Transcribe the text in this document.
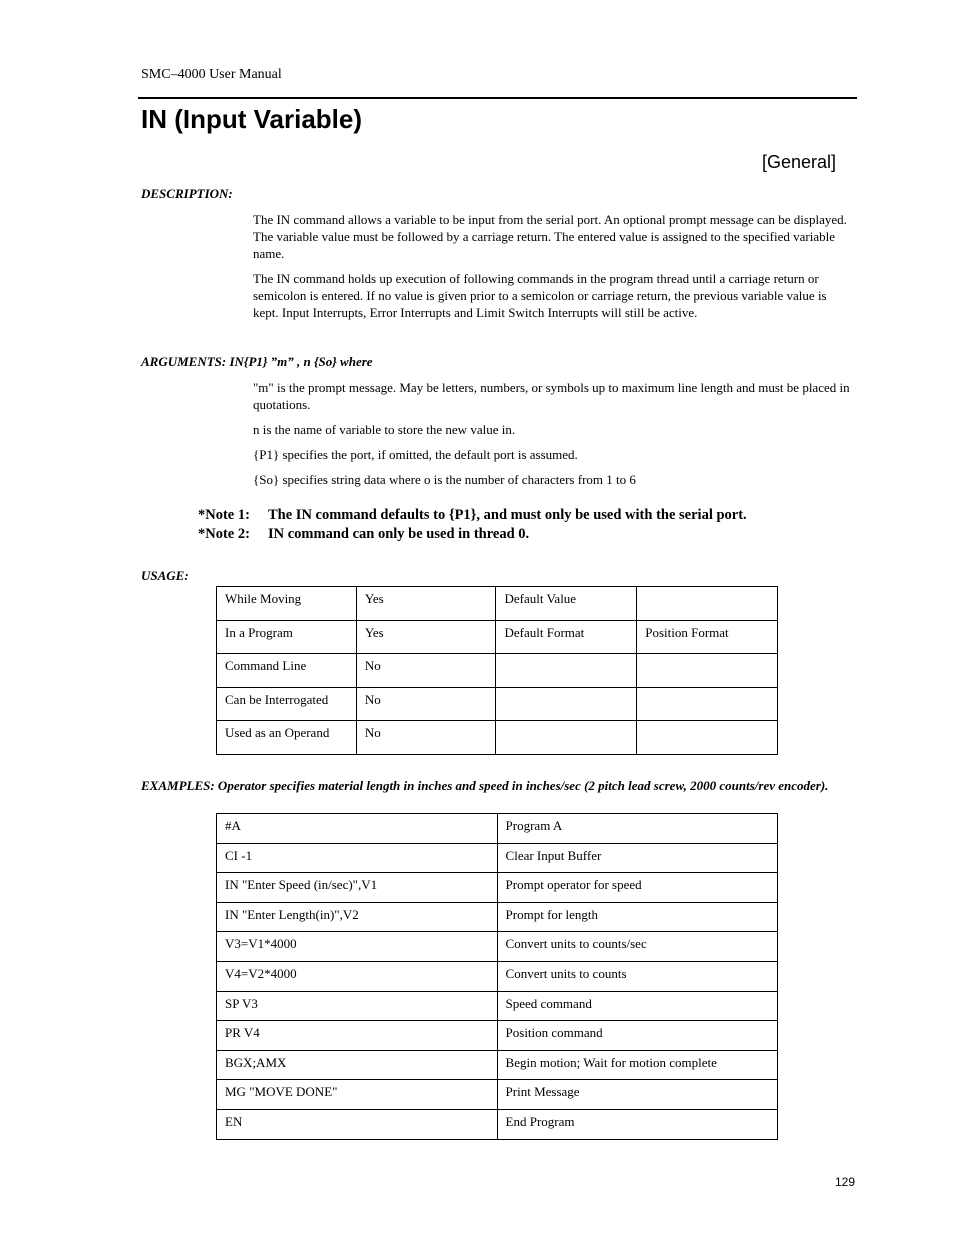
SMC–4000 User Manual
IN (Input Variable)
[General]
DESCRIPTION:

The IN command allows a variable to be input from the serial port. An optional prompt message can be displayed. The variable value must be followed by a carriage return. The entered value is assigned to the specified variable name.

The IN command holds up execution of following commands in the program thread until a carriage return or semicolon is entered. If no value is given prior to a semicolon or carriage return, the previous variable value is kept. Input Interrupts, Error Interrupts and Limit Switch Interrupts will still be active.

ARGUMENTS: IN{P1} ”m” , n {So} where

"m" is the prompt message. May be letters, numbers, or symbols up to maximum line length and must be placed in quotations.

n is the name of variable to store the new value in.

{P1} specifies the port, if omitted, the default port is assumed.

{So} specifies string data where o is the number of characters from 1 to 6

*Note 1: The IN command defaults to {P1}, and must only be used with the serial port.
*Note 2: IN command can only be used in thread 0.
USAGE:
While Moving	Yes	Default Value	
In a Program	Yes	Default Format	Position Format
Command Line	No		
Can be Interrogated	No		
Used as an Operand	No		

EXAMPLES: Operator specifies material length in inches and speed in inches/sec (2 pitch lead screw, 2000 counts/rev encoder).

#A	Program A
CI -1	Clear Input Buffer
IN "Enter Speed (in/sec)",V1	Prompt operator for speed
IN "Enter Length(in)",V2	Prompt for length
V3=V1*4000	Convert units to counts/sec
V4=V2*4000	Convert units to counts
SP V3	Speed command
PR V4	Position command
BGX;AMX	Begin motion; Wait for motion complete
MG "MOVE DONE"	Print Message
EN	End Program
129
